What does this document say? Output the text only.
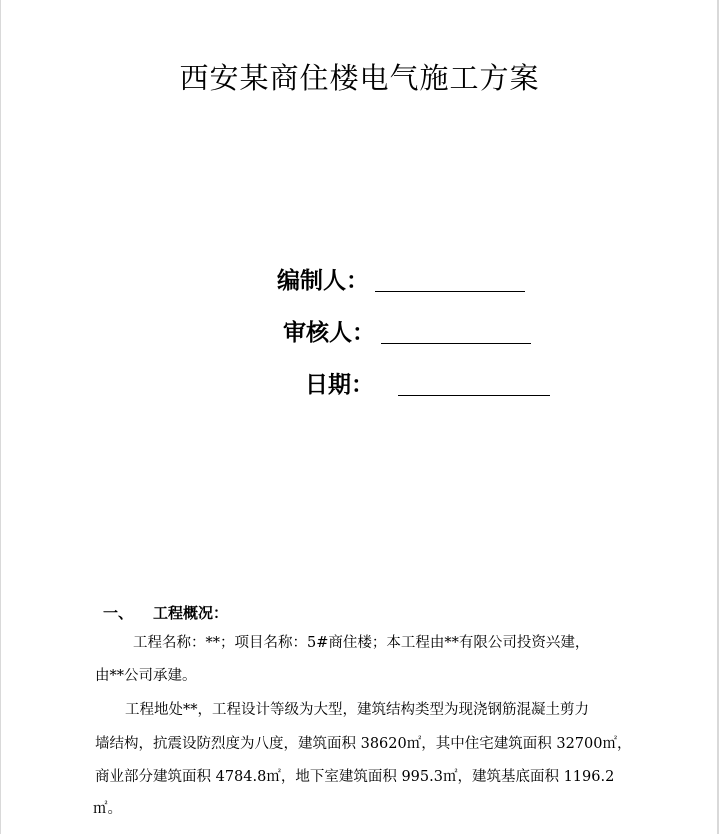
西安某商住楼电气施工方案
编制人：
审核人：
日期：
一、 工程概况：
工程名称：**；项目名称：5#商住楼；本工程由**有限公司投资兴建，
由**公司承建。
工程地处**，工程设计等级为大型，建筑结构类型为现浇钢筋混凝土剪力
墙结构，抗震设防烈度为八度，建筑面积 38620㎡，其中住宅建筑面积 32700㎡，
商业部分建筑面积 4784.8㎡，地下室建筑面积 995.3㎡，建筑基底面积 1196.2
㎡。
